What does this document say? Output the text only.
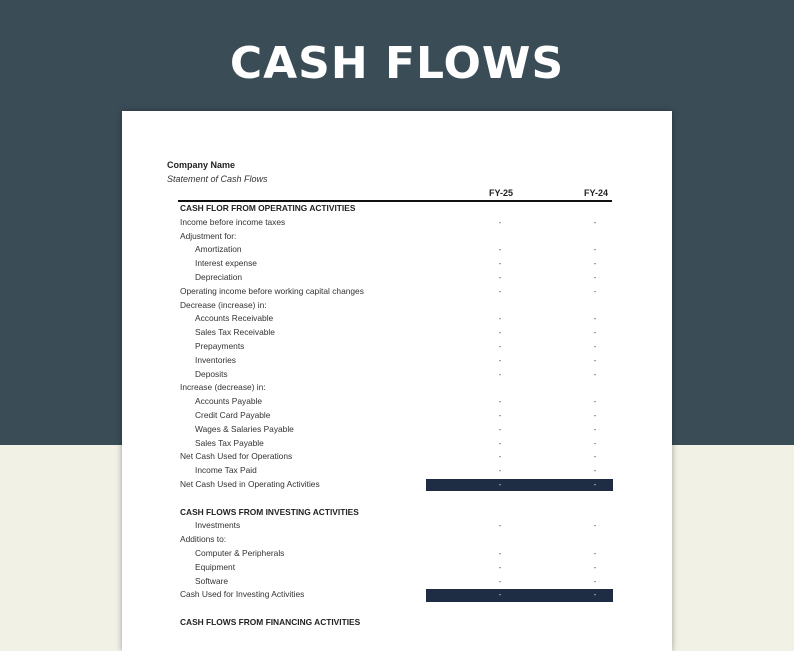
CASH FLOWS
Company Name
Statement of Cash Flows
FY-25	FY-24
CASH FLOR FROM OPERATING ACTIVITIES
Income before income taxes	-	-
Adjustment for:
Amortization	-	-
Interest expense	-	-
Depreciation	-	-
Operating income before working capital changes	-	-
Decrease (increase) in:
Accounts Receivable	-	-
Sales Tax Receivable	-	-
Prepayments	-	-
Inventories	-	-
Deposits	-	-
Increase (decrease) in:
Accounts Payable	-	-
Credit Card Payable	-	-
Wages & Salaries Payable	-	-
Sales Tax Payable	-	-
Net Cash Used for Operations	-	-
Income Tax Paid	-	-
Net Cash Used in Operating Activities	-	-
CASH FLOWS FROM INVESTING ACTIVITIES
Investments	-	-
Additions to:
Computer & Peripherals	-	-
Equipment	-	-
Software	-	-
Cash Used for Investing Activities	-	-
CASH FLOWS FROM FINANCING ACTIVITIES
